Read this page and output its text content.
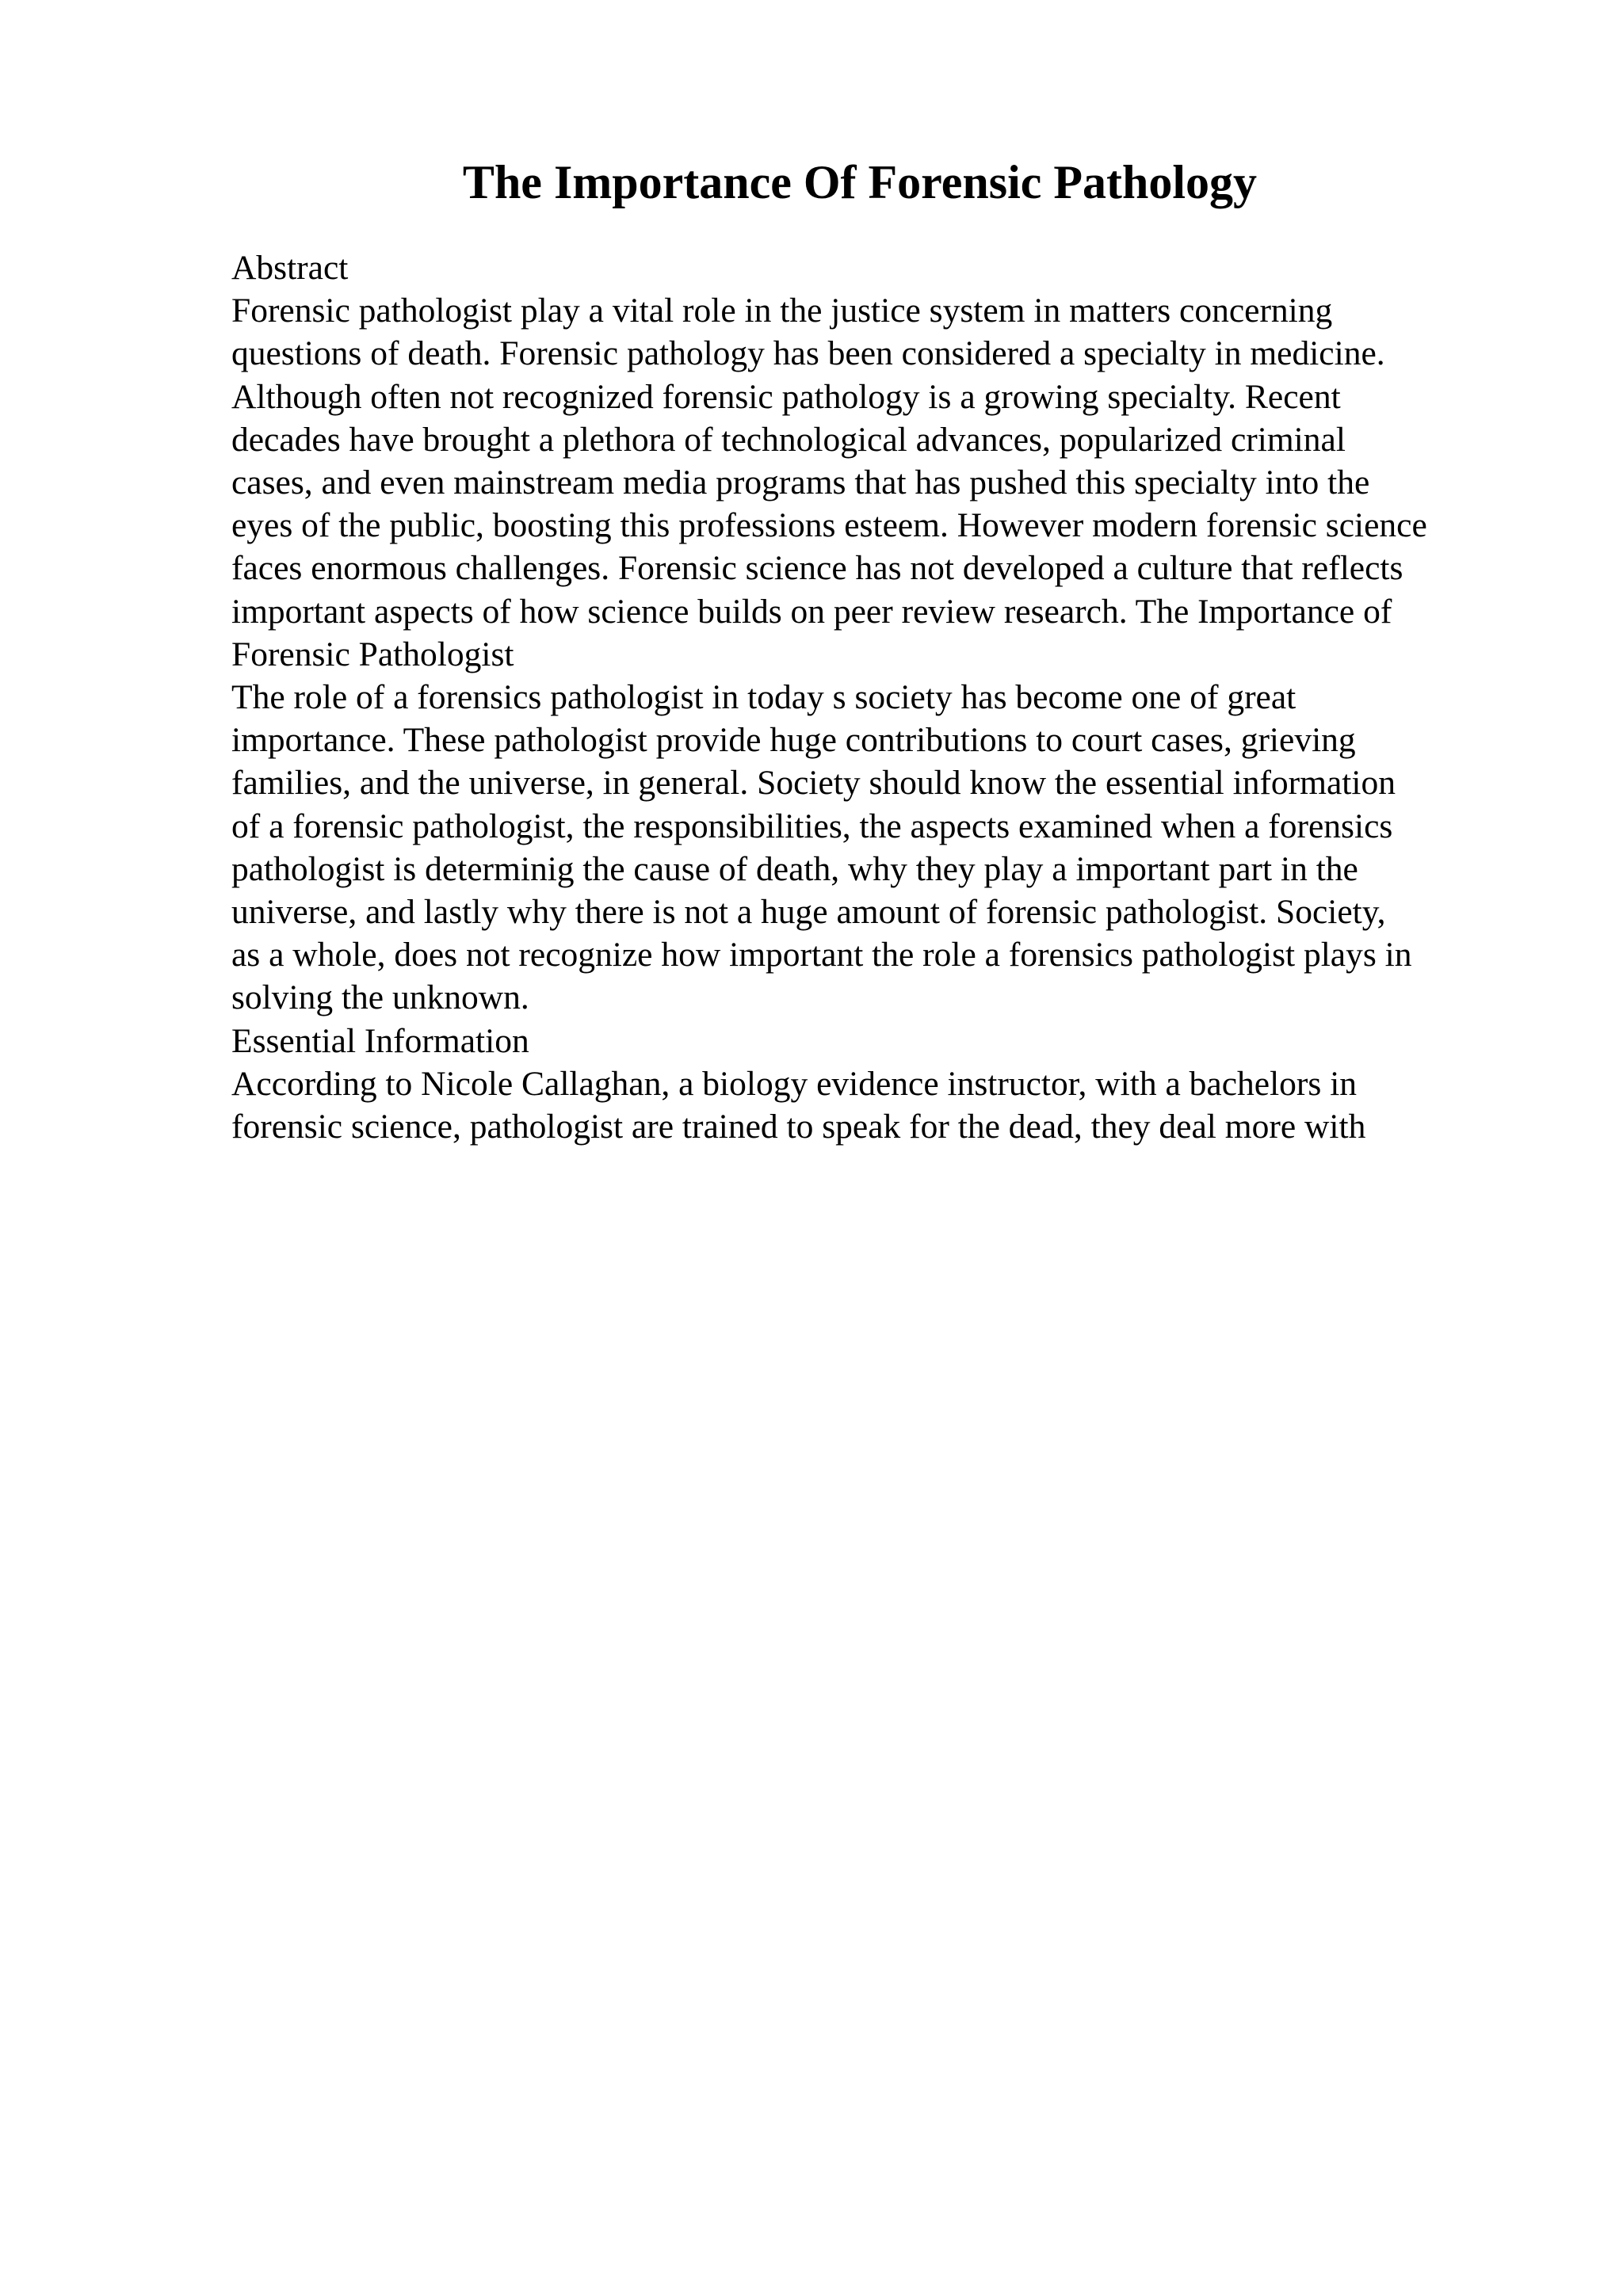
The Importance Of Forensic Pathology

Abstract

Forensic pathologist play a vital role in the justice system in matters concerning

questions of death. Forensic pathology has been considered a specialty in medicine.

Although often not recognized forensic pathology is a growing specialty. Recent

decades have brought a plethora of technological advances, popularized criminal

cases, and even mainstream media programs that has pushed this specialty into the

eyes of the public, boosting this professions esteem. However modern forensic science

faces enormous challenges. Forensic science has not developed a culture that reflects

important aspects of how science builds on peer review research. The Importance of

Forensic Pathologist

The role of a forensics pathologist in today s society has become one of great

importance. These pathologist provide huge contributions to court cases, grieving

families, and the universe, in general. Society should know the essential information

of a forensic pathologist, the responsibilities, the aspects examined when a forensics

pathologist is determinig the cause of death, why they play a important part in the

universe, and lastly why there is not a huge amount of forensic pathologist. Society,

as a whole, does not recognize how important the role a forensics pathologist plays in

solving the unknown.

Essential Information

According to Nicole Callaghan, a biology evidence instructor, with a bachelors in

forensic science, pathologist are trained to speak for the dead, they deal more with
